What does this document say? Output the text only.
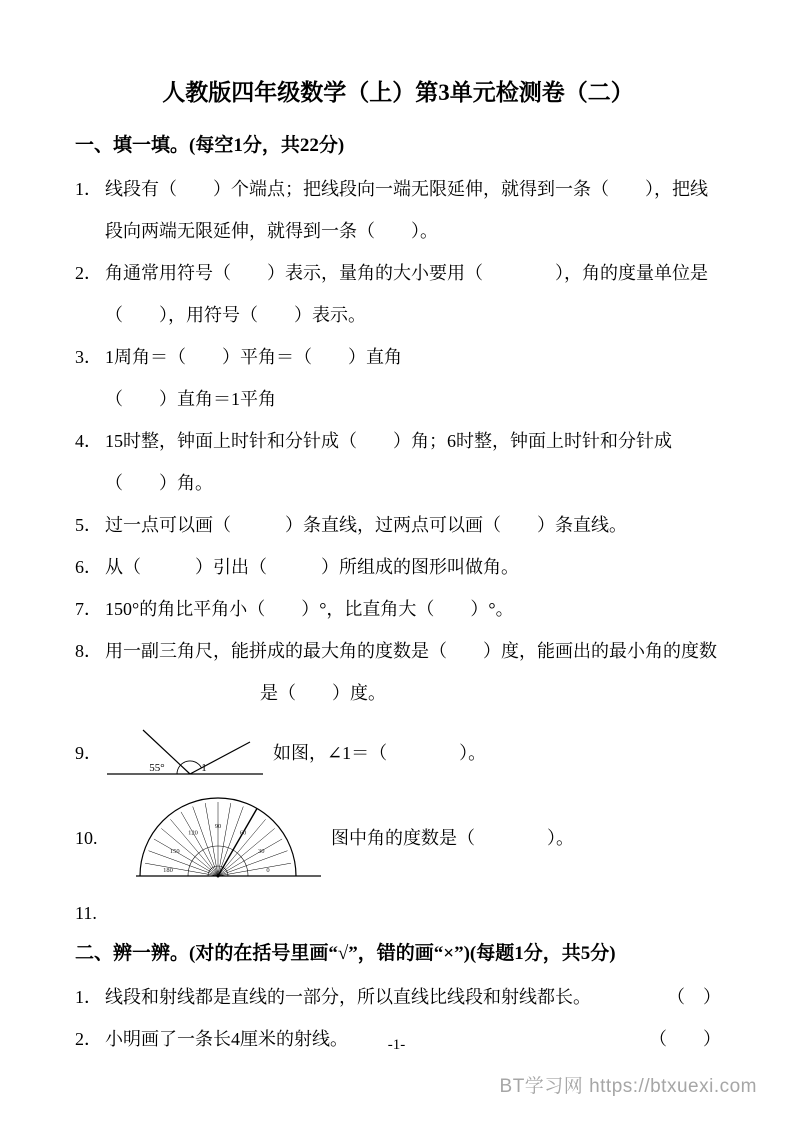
人教版四年级数学（上）第3单元检测卷（二）
一、填一填。(每空1分，共22分)
1． 线段有（　　）个端点；把线段向一端无限延伸，就得到一条（　　），把线段向两端无限延伸，就得到一条（　　）。
2． 角通常用符号（　　）表示，量角的大小要用（　　　　），角的度量单位是（　　），用符号（　　）表示。
3． 1周角＝（　　）平角＝（　　）直角
（　　）直角＝1平角
4． 15时整，钟面上时针和分针成（　　）角；6时整，钟面上时针和分针成（　　）角。
5． 过一点可以画（　　　）条直线，过两点可以画（　　）条直线。
6． 从（　　　）引出（　　　）所组成的图形叫做角。
7． 150°的角比平角小（　　）°，比直角大（　　）°。
8． 用一副三角尺，能拼成的最大角的度数是（　　）度，能画出的最小角的度数
是（　　）度。
9．
55°	1
如图，∠1＝（　　　　）。
10.
0
30
60
90
120
150
180
图中角的度数是（　　　　）。
11.
二、辨一辨。(对的在括号里画“√”，错的画“×”)(每题1分，共5分)
1． 线段和射线都是直线的一部分，所以直线比线段和射线都长。	（　）
2． 小明画了一条长4厘米的射线。	（　　）
-1-
BT学习网 https://btxuexi.com
